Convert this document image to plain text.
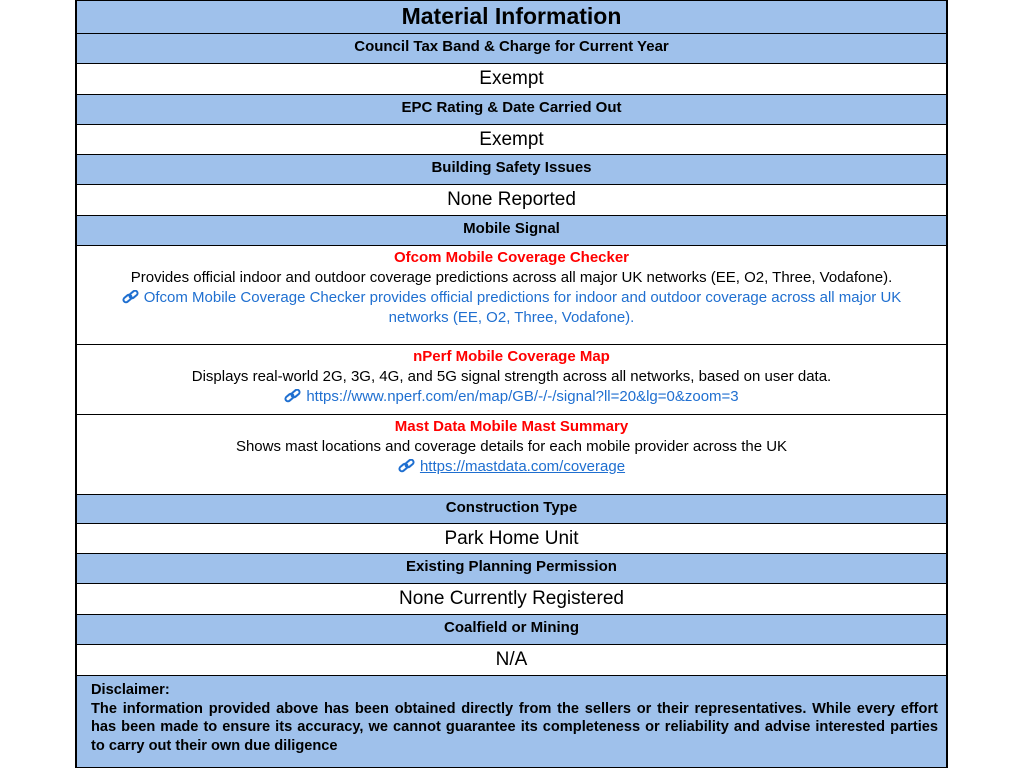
Material Information
Council Tax Band & Charge for Current Year
Exempt
EPC Rating & Date Carried Out
Exempt
Building Safety Issues
None Reported
Mobile Signal
Ofcom Mobile Coverage Checker
Provides official indoor and outdoor coverage predictions across all major UK networks (EE, O2, Three, Vodafone).
Ofcom Mobile Coverage Checker provides official predictions for indoor and outdoor coverage across all major UK
networks (EE, O2, Three, Vodafone).
nPerf Mobile Coverage Map
Displays real-world 2G, 3G, 4G, and 5G signal strength across all networks, based on user data.
https://www.nperf.com/en/map/GB/-/-/signal?ll=20&lg=0&zoom=3
Mast Data Mobile Mast Summary
Shows mast locations and coverage details for each mobile provider across the UK
https://mastdata.com/coverage
Construction Type
Park Home Unit
Existing Planning Permission
None Currently Registered
Coalfield or Mining
N/A
Disclaimer:
The information provided above has been obtained directly from the sellers or their representatives. While every effort has been made to ensure its accuracy, we cannot guarantee its completeness or reliability and advise interested parties to carry out their own due diligence
